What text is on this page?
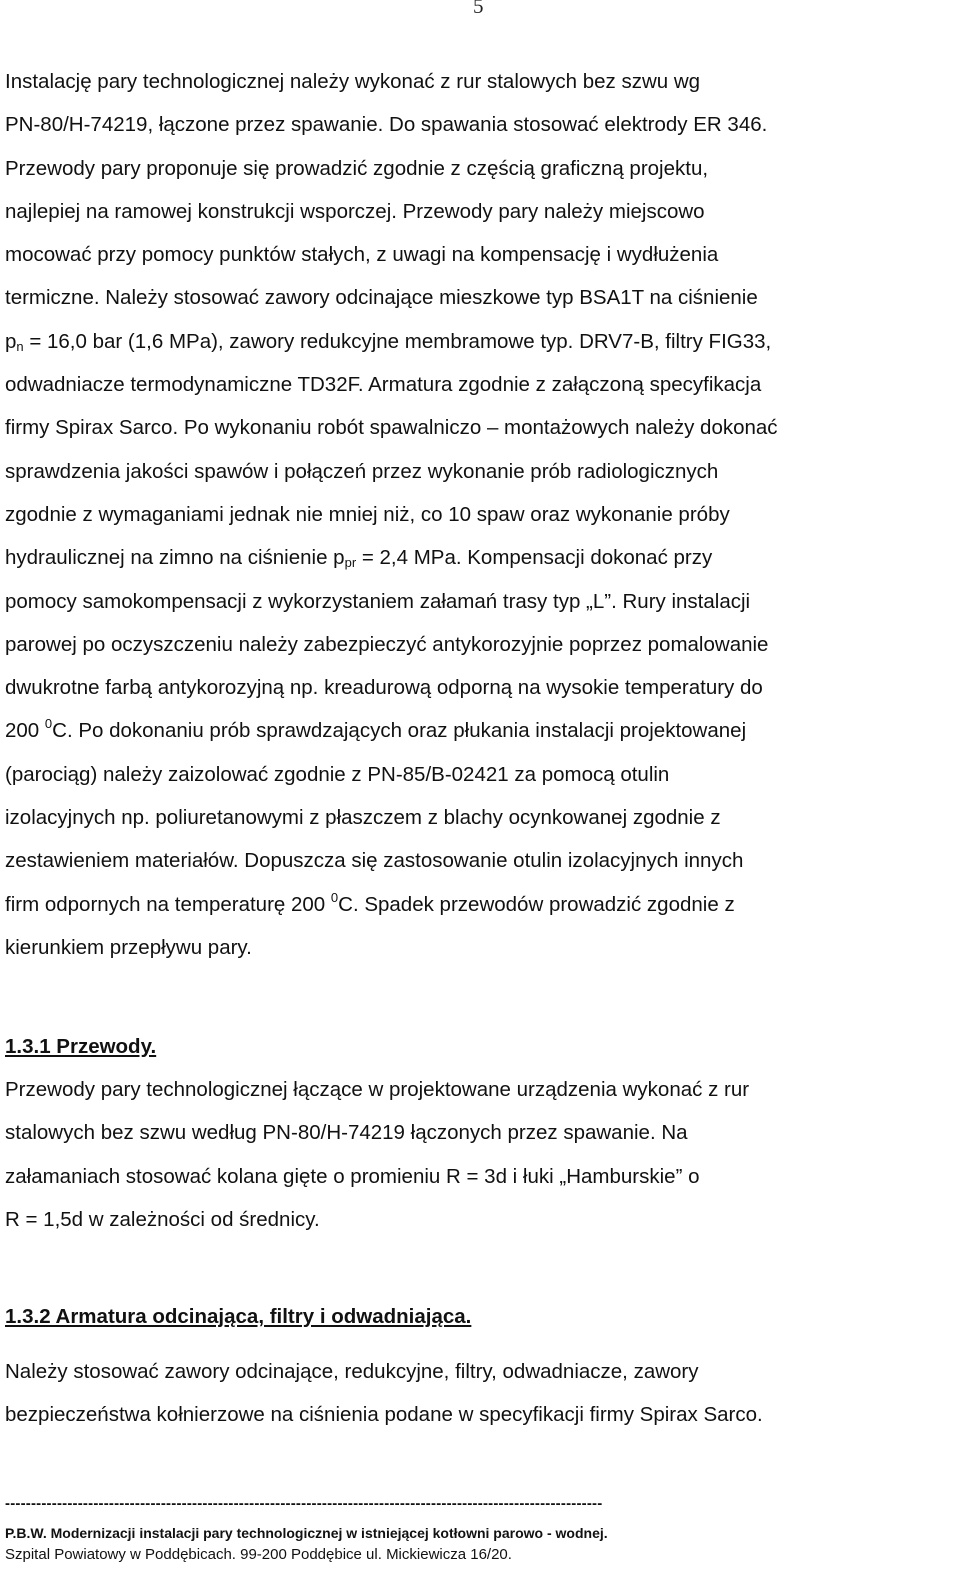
5
Instalację pary technologicznej należy wykonać z rur stalowych bez szwu wg
PN-80/H-74219, łączone przez spawanie. Do spawania stosować elektrody ER 346.
Przewody pary proponuje się prowadzić zgodnie z częścią graficzną projektu,
najlepiej na ramowej konstrukcji wsporczej. Przewody pary należy miejscowo
mocować przy pomocy punktów stałych, z uwagi na kompensację i wydłużenia
termiczne. Należy stosować zawory odcinające mieszkowe typ BSA1T na ciśnienie
$p_n = 16,0$ bar (1,6 MPa), zawory redukcyjne membramowe typ. DRV7-B, filtry FIG33,
odwadniacze termodynamiczne TD32F. Armatura zgodnie z załączoną specyfikacja
firmy Spirax Sarco. Po wykonaniu robót spawalniczo – montażowych należy dokonać
sprawdzenia jakości spawów i połączeń przez wykonanie prób radiologicznych
zgodnie z wymaganiami jednak nie mniej niż, co 10 spaw oraz wykonanie próby
hydraulicznej na zimno na ciśnienie $p_{pr} = 2,4$ MPa. Kompensacji dokonać przy
pomocy samokompensacji z wykorzystaniem załamań trasy typ „L”. Rury instalacji
parowej po oczyszczeniu należy zabezpieczyć antykorozyjnie poprzez pomalowanie
dwukrotne farbą antykorozyjną np. kreadurową odporną na wysokie temperatury do
200 $^0$C. Po dokonaniu prób sprawdzających oraz płukania instalacji projektowanej
(parociąg) należy zaizolować zgodnie z PN-85/B-02421 za pomocą otulin
izolacyjnych np. poliuretanowymi z płaszczem z blachy ocynkowanej zgodnie z
zestawieniem materiałów. Dopuszcza się zastosowanie otulin izolacyjnych innych
firm odpornych na temperaturę 200 $^0$C. Spadek przewodów prowadzić zgodnie z
kierunkiem przepływu pary.
1.3.1 Przewody.
Przewody pary technologicznej łączące w projektowane urządzenia wykonać z rur
stalowych bez szwu według PN-80/H-74219 łączonych przez spawanie. Na
załamaniach stosować kolana gięte o promieniu R = 3d i łuki „Hamburskie” o
R = 1,5d w zależności od średnicy.
1.3.2 Armatura odcinająca, filtry i odwadniająca.
Należy stosować zawory odcinające, redukcyjne, filtry, odwadniacze, zawory
bezpieczeństwa kołnierzowe na ciśnienia podane w specyfikacji firmy Spirax Sarco.
-------------------------------------------------------------------------------------------------------------------
P.B.W. Modernizacji instalacji pary technologicznej w istniejącej kotłowni parowo - wodnej.
Szpital Powiatowy w Poddębicach. 99-200 Poddębice ul. Mickiewicza 16/20.
